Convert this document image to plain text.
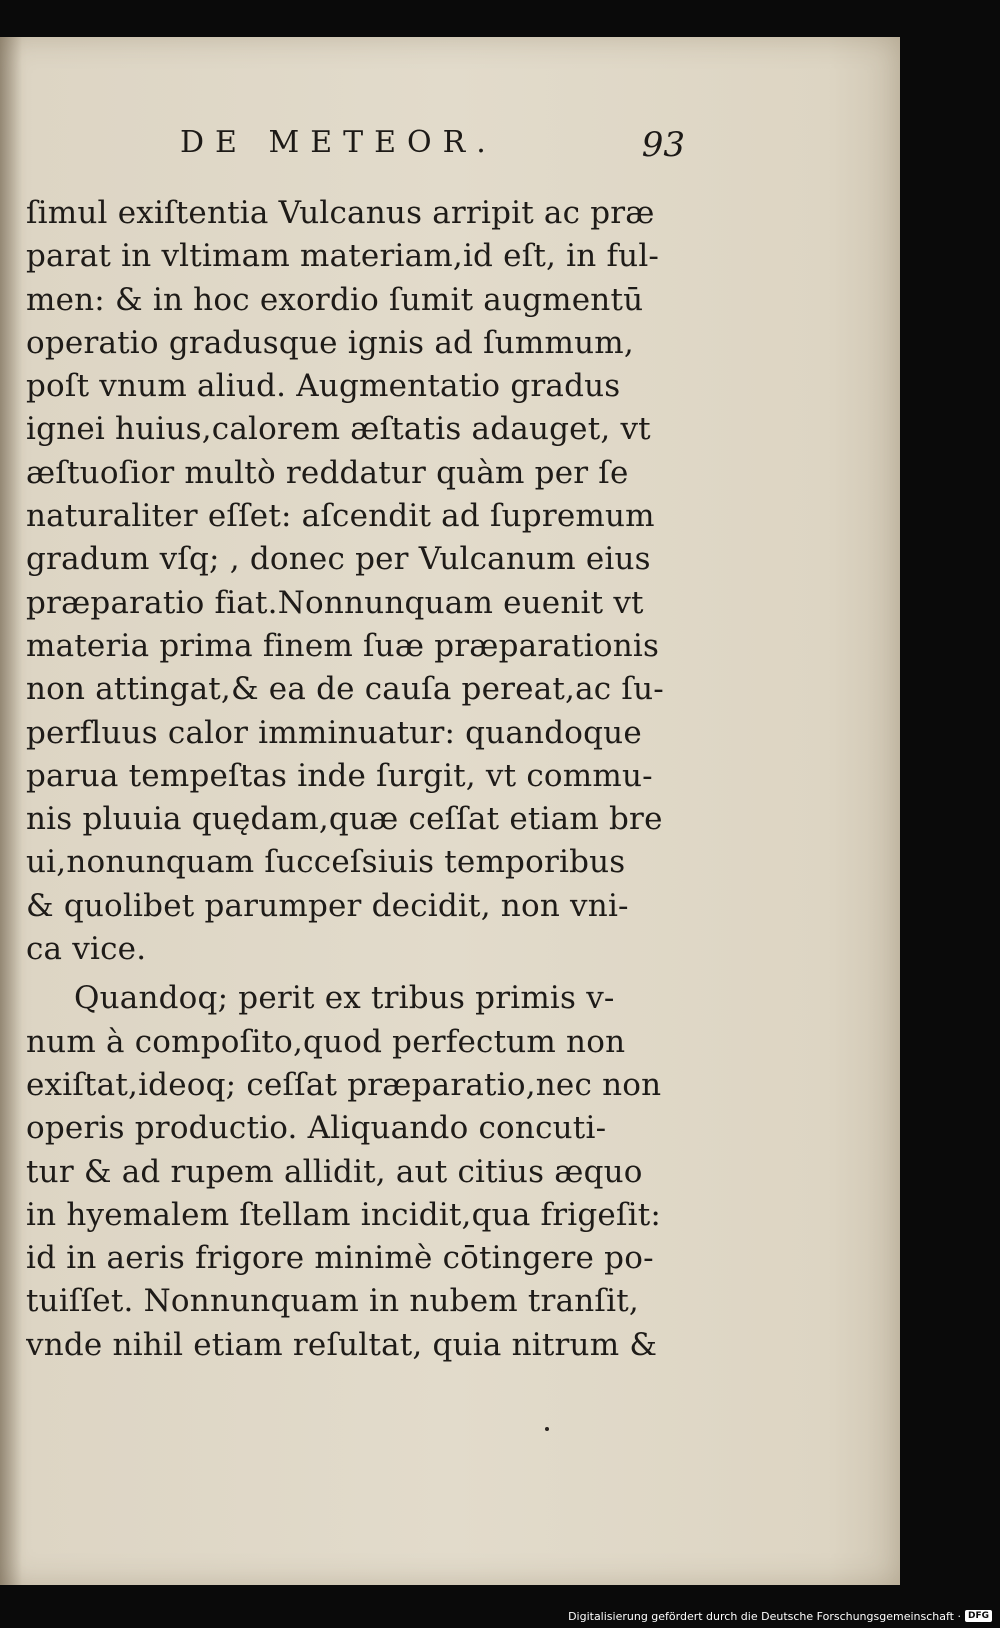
DE METEOR.	93
ſimul exiſtentia Vulcanus arripit ac præ
parat in vltimam materiam,id eſt, in ful-
men: & in hoc exordio ſumit augmentū
operatio gradusque ignis ad ſummum,
poſt vnum aliud. Augmentatio gradus
ignei huius,calorem æſtatis adauget, vt
æſtuoſior multò reddatur quàm per ſe
naturaliter eſſet: aſcendit ad ſupremum
gradum vſq; , donec per Vulcanum eius
præparatio fiat.Nonnunquam euenit vt
materia prima finem ſuæ præparationis
non attingat,& ea de cauſa pereat,ac ſu-
perfluus calor imminuatur: quandoque
parua tempeſtas inde ſurgit, vt commu-
nis pluuia quędam,quæ ceſſat etiam bre
ui,nonunquam ſucceſsiuis temporibus
& quolibet parumper decidit, non vni-
ca vice.
Quandoq; perit ex tribus primis v-
num à compoſito,quod perfectum non
exiſtat,ideoq; ceſſat præparatio,nec non
operis productio. Aliquando concuti-
tur & ad rupem allidit, aut citius æquo
in hyemalem ſtellam incidit,qua frigeſit:
id in aeris frigore minimè cōtingere po-
tuiſſet. Nonnunquam in nubem tranſit,
vnde nihil etiam reſultat, quia nitrum &
Digitalisierung gefördert durch die Deutsche Forschungsgemeinschaft · DFG
